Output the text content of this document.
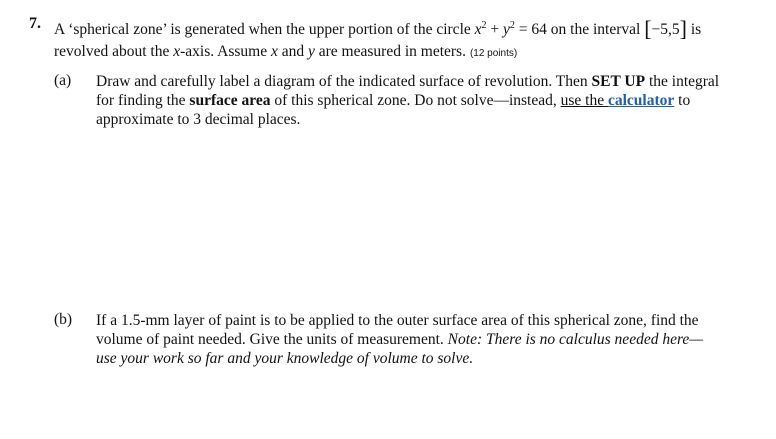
7. A ‘spherical zone’ is generated when the upper portion of the circle $x^2 + y^2 = 64$ on the interval [−5,5] is
revolved about the x-axis. Assume x and y are measured in meters. (12 points)
(a) Draw and carefully label a diagram of the indicated surface of revolution. Then SET UP the integral
for finding the surface area of this spherical zone. Do not solve—instead, use the calculator to
approximate to 3 decimal places.
(b) If a 1.5-mm layer of paint is to be applied to the outer surface area of this spherical zone, find the
volume of paint needed. Give the units of measurement. Note: There is no calculus needed here—
use your work so far and your knowledge of volume to solve.
